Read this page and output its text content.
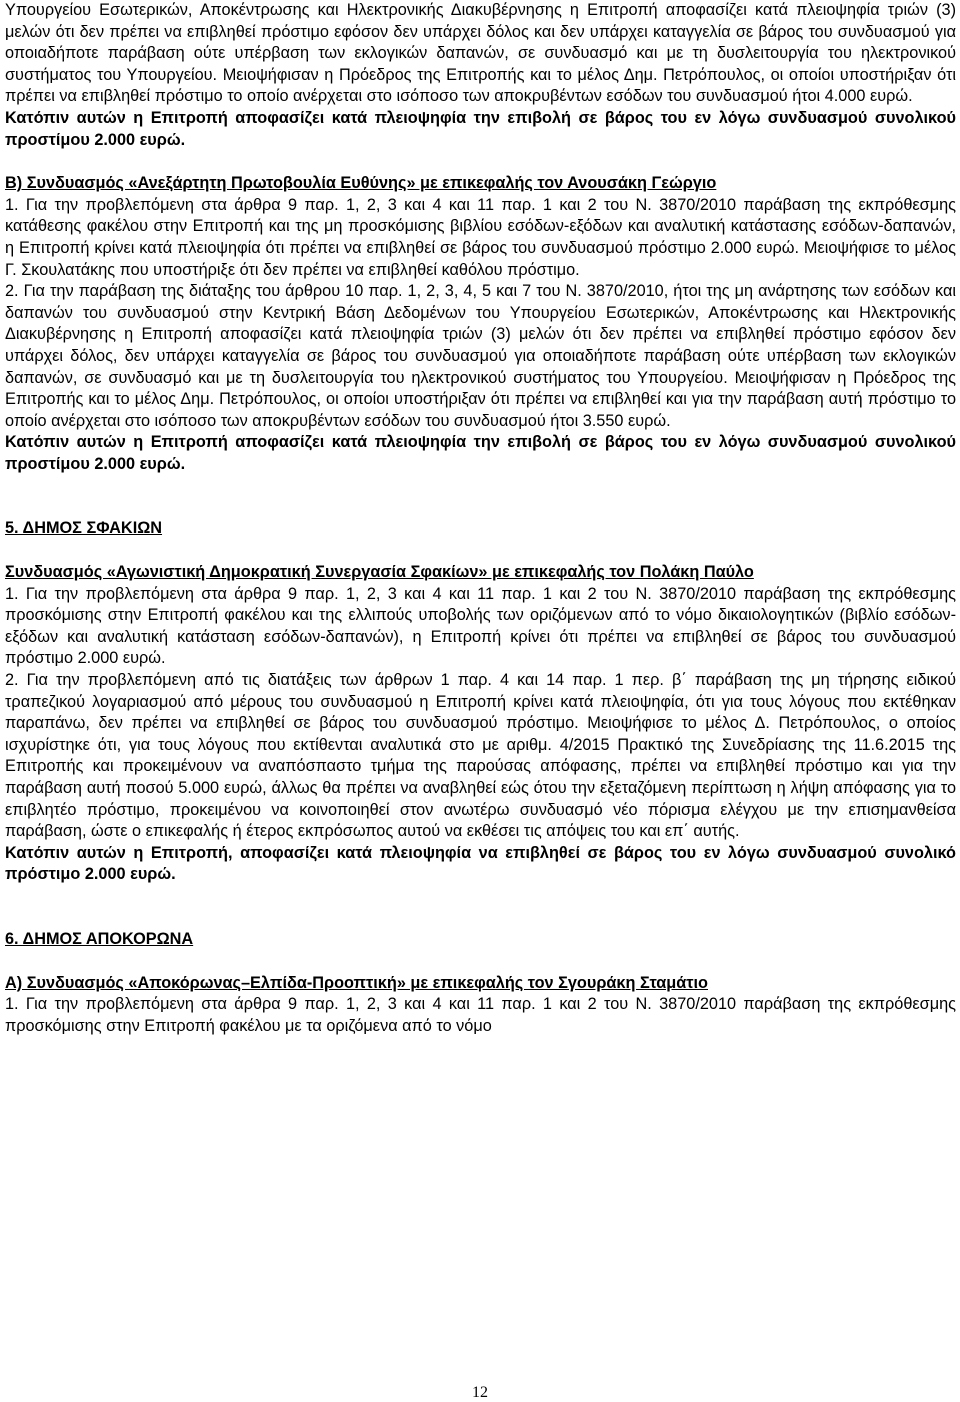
Υπουργείου Εσωτερικών, Αποκέντρωσης και Ηλεκτρονικής Διακυβέρνησης η Επιτροπή αποφασίζει κατά πλειοψηφία τριών (3) μελών ότι δεν πρέπει να επιβληθεί πρόστιμο εφόσον δεν υπάρχει δόλος και δεν υπάρχει καταγγελία σε βάρος του συνδυασμού για οποιαδήποτε παράβαση ούτε υπέρβαση των εκλογικών δαπανών, σε συνδυασμό και με τη δυσλειτουργία του ηλεκτρονικού συστήματος του Υπουργείου. Μειοψήφισαν η Πρόεδρος της Επιτροπής και το μέλος Δημ. Πετρόπουλος, οι οποίοι υποστήριξαν ότι πρέπει να επιβληθεί πρόστιμο το οποίο ανέρχεται στο ισόποσο των αποκρυβέντων εσόδων του συνδυασμού ήτοι 4.000 ευρώ.

Κατόπιν αυτών η Επιτροπή αποφασίζει κατά πλειοψηφία την επιβολή σε βάρος του εν λόγω συνδυασμού συνολικού προστίμου 2.000 ευρώ.

Β) Συνδυασμός «Ανεξάρτητη Πρωτοβουλία Ευθύνης» με επικεφαλής τον Ανουσάκη Γεώργιο

1. Για την προβλεπόμενη στα άρθρα 9 παρ. 1, 2, 3 και 4 και 11 παρ. 1 και 2 του Ν. 3870/2010 παράβαση της εκπρόθεσμης κατάθεσης φακέλου στην Επιτροπή και της μη προσκόμισης βιβλίου εσόδων-εξόδων και αναλυτική κατάστασης εσόδων-δαπανών, η Επιτροπή κρίνει κατά πλειοψηφία ότι πρέπει να επιβληθεί σε βάρος του συνδυασμού πρόστιμο 2.000 ευρώ. Μειοψήφισε το μέλος Γ. Σκουλατάκης που υποστήριξε ότι δεν πρέπει να επιβληθεί καθόλου πρόστιμο.

2. Για την παράβαση της διάταξης του άρθρου 10 παρ. 1, 2, 3, 4, 5 και 7 του Ν. 3870/2010, ήτοι της μη ανάρτησης των εσόδων και δαπανών του συνδυασμού στην Κεντρική Βάση Δεδομένων του Υπουργείου Εσωτερικών, Αποκέντρωσης και Ηλεκτρονικής Διακυβέρνησης η Επιτροπή αποφασίζει κατά πλειοψηφία τριών (3) μελών ότι δεν πρέπει να επιβληθεί πρόστιμο εφόσον δεν υπάρχει δόλος, δεν υπάρχει καταγγελία σε βάρος του συνδυασμού για οποιαδήποτε παράβαση ούτε υπέρβαση των εκλογικών δαπανών, σε συνδυασμό και με τη δυσλειτουργία του ηλεκτρονικού συστήματος του Υπουργείου. Μειοψήφισαν η Πρόεδρος της Επιτροπής και το μέλος Δημ. Πετρόπουλος, οι οποίοι υποστήριξαν ότι πρέπει να επιβληθεί και για την παράβαση αυτή πρόστιμο το οποίο ανέρχεται στο ισόποσο των αποκρυβέντων εσόδων του συνδυασμού ήτοι 3.550 ευρώ.

Κατόπιν αυτών η Επιτροπή αποφασίζει κατά πλειοψηφία την επιβολή σε βάρος του εν λόγω συνδυασμού συνολικού προστίμου 2.000 ευρώ.

5. ΔΗΜΟΣ ΣΦΑΚΙΩΝ

Συνδυασμός «Αγωνιστική Δημοκρατική Συνεργασία Σφακίων» με επικεφαλής τον Πολάκη Παύλο

1. Για την προβλεπόμενη στα άρθρα 9 παρ. 1, 2, 3 και 4 και 11 παρ. 1 και 2 του Ν. 3870/2010 παράβαση της εκπρόθεσμης προσκόμισης στην Επιτροπή φακέλου και της ελλιπούς υποβολής των οριζόμενων από το νόμο δικαιολογητικών (βιβλίο εσόδων-εξόδων και αναλυτική κατάσταση εσόδων-δαπανών), η Επιτροπή κρίνει ότι πρέπει να επιβληθεί σε βάρος του συνδυασμού πρόστιμο 2.000 ευρώ.

2. Για την προβλεπόμενη από τις διατάξεις των άρθρων 1 παρ. 4 και 14 παρ. 1 περ. β΄ παράβαση της μη τήρησης ειδικού τραπεζικού λογαριασμού από μέρους του συνδυασμού η Επιτροπή κρίνει κατά πλειοψηφία, ότι για τους λόγους που εκτέθηκαν παραπάνω, δεν πρέπει να επιβληθεί σε βάρος του συνδυασμού πρόστιμο. Μειοψήφισε το μέλος Δ. Πετρόπουλος, ο οποίος ισχυρίστηκε ότι, για τους λόγους που εκτίθενται αναλυτικά στο με αριθμ. 4/2015 Πρακτικό της Συνεδρίασης της 11.6.2015 της Επιτροπής και προκειμένουν να αναπόσπαστο τμήμα της παρούσας απόφασης, πρέπει να επιβληθεί πρόστιμο και για την παράβαση αυτή ποσού 5.000 ευρώ, άλλως θα πρέπει να αναβληθεί εώς ότου την εξεταζόμενη περίπτωση η λήψη απόφασης για το επιβλητέο πρόστιμο, προκειμένου να κοινοποιηθεί στον ανωτέρω συνδυασμό νέο πόρισμα ελέγχου με την επισημανθείσα παράβαση, ώστε ο επικεφαλής ή έτερος εκπρόσωπος αυτού να εκθέσει τις απόψεις του και επ΄ αυτής.

Κατόπιν αυτών η Επιτροπή, αποφασίζει κατά πλειοψηφία να επιβληθεί σε βάρος του εν λόγω συνδυασμού συνολικό πρόστιμο 2.000 ευρώ.

6. ΔΗΜΟΣ ΑΠΟΚΟΡΩΝΑ

Α) Συνδυασμός «Αποκόρωνας–Ελπίδα-Προοπτική» με επικεφαλής τον Σγουράκη Σταμάτιο

1. Για την προβλεπόμενη στα άρθρα 9 παρ. 1, 2, 3 και 4 και 11 παρ. 1 και 2 του Ν. 3870/2010 παράβαση της εκπρόθεσμης προσκόμισης στην Επιτροπή φακέλου με τα οριζόμενα από το νόμο

12
